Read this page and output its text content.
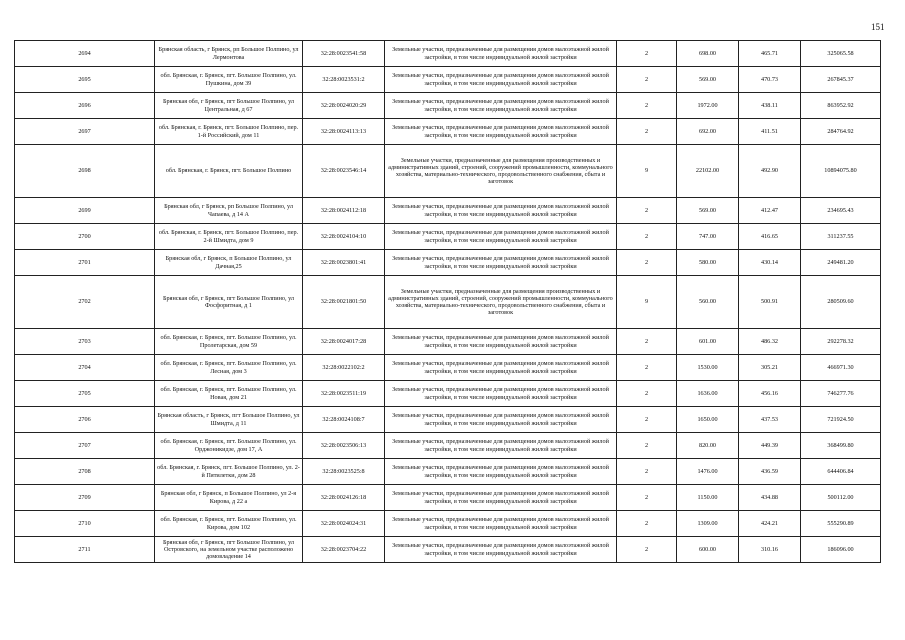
151
2694	Брянская область, г Брянск, рп Большое Полпино, ул Лермонтова	32:28:0023541:58	Земельные участки, предназначенные для размещения домов малоэтажной жилой застройки, в том числе индивидуальной жилой застройки	2	698.00	465.71	325065.58
2695	обл. Брянская, г. Брянск, пгт. Большое Полпино, ул. Пушкина, дом 39	32:28:0023531:2	Земельные участки, предназначенные для размещения домов малоэтажной жилой застройки, в том числе индивидуальной жилой застройки	2	569.00	470.73	267845.37
2696	Брянская обл, г Брянск, пгт Большое Полпино, ул Центральная, д 67	32:28:0024020:29	Земельные участки, предназначенные для размещения домов малоэтажной жилой застройки, в том числе индивидуальной жилой застройки	2	1972.00	438.11	863952.92
2697	обл. Брянская, г. Брянск, пгт. Большое Полпино, пер. 1-й Российский, дом 11	32:28:0024113:13	Земельные участки, предназначенные для размещения домов малоэтажной жилой застройки, в том числе индивидуальной жилой застройки	2	692.00	411.51	284764.92
2698	обл. Брянская, г. Брянск, пгт. Большое Полпино	32:28:0023546:14	Земельные участки, предназначенные для размещения производственных и административных зданий, строений, сооружений промышленности, коммунального хозяйства, материально-технического, продовольственного снабжения, сбыта и заготовок	9	22102.00	492.90	10894075.80
2699	Брянская обл, г Брянск, рп Большое Полпино, ул Чапаева, д 14 А	32:28:0024112:18	Земельные участки, предназначенные для размещения домов малоэтажной жилой застройки, в том числе индивидуальной жилой застройки	2	569.00	412.47	234695.43
2700	обл. Брянская, г. Брянск, пгт. Большое Полпино, пер. 2-й Шмидта, дом 9	32:28:0024104:10	Земельные участки, предназначенные для размещения домов малоэтажной жилой застройки, в том числе индивидуальной жилой застройки	2	747.00	416.65	311237.55
2701	Брянская обл, г Брянск, п Большое Полпино, ул Дачная,25	32:28:0023801:41	Земельные участки, предназначенные для размещения домов малоэтажной жилой застройки, в том числе индивидуальной жилой застройки	2	580.00	430.14	249481.20
2702	Брянская обл, г Брянск, пгт Большое Полпино, ул Фосфоритная, д 1	32:28:0021801:50	Земельные участки, предназначенные для размещения производственных и административных зданий, строений, сооружений промышленности, коммунального хозяйства, материально-технического, продовольственного снабжения, сбыта и заготовок	9	560.00	500.91	280509.60
2703	обл. Брянская, г. Брянск, пгт. Большое Полпино, ул. Пролетарская, дом 59	32:28:0024017:28	Земельные участки, предназначенные для размещения домов малоэтажной жилой застройки, в том числе индивидуальной жилой застройки	2	601.00	486.32	292278.32
2704	обл. Брянская, г. Брянск, пгт. Большое Полпино, ул. Лесная, дом 3	32:28:0022102:2	Земельные участки, предназначенные для размещения домов малоэтажной жилой застройки, в том числе индивидуальной жилой застройки	2	1530.00	305.21	466971.30
2705	обл. Брянская, г. Брянск, пгт. Большое Полпино, ул. Новая, дом 21	32:28:0023511:19	Земельные участки, предназначенные для размещения домов малоэтажной жилой застройки, в том числе индивидуальной жилой застройки	2	1636.00	456.16	746277.76
2706	Брянская область, г Брянск, пгт Большое Полпино, ул Шмидта, д 11	32:28:0024108:7	Земельные участки, предназначенные для размещения домов малоэтажной жилой застройки, в том числе индивидуальной жилой застройки	2	1650.00	437.53	721924.50
2707	обл. Брянская, г. Брянск, пгт. Большое Полпино, ул. Орджоникидзе, дом 17, А	32:28:0023506:13	Земельные участки, предназначенные для размещения домов малоэтажной жилой застройки, в том числе индивидуальной жилой застройки	2	820.00	449.39	368499.80
2708	обл. Брянская, г. Брянск, пгт. Большое Полпино, ул. 2-й Пятилетки, дом 28	32:28:0023525:8	Земельные участки, предназначенные для размещения домов малоэтажной жилой застройки, в том числе индивидуальной жилой застройки	2	1476.00	436.59	644406.84
2709	Брянская обл, г Брянск, п Большое Полпино, ул 2-я Кирова, д 22 а	32:28:0024126:18	Земельные участки, предназначенные для размещения домов малоэтажной жилой застройки, в том числе индивидуальной жилой застройки	2	1150.00	434.88	500112.00
2710	обл. Брянская, г. Брянск, пгт. Большое Полпино, ул. Кирова, дом 102	32:28:0024024:31	Земельные участки, предназначенные для размещения домов малоэтажной жилой застройки, в том числе индивидуальной жилой застройки	2	1309.00	424.21	555290.89
2711	Брянская обл, г Брянск, пгт Большое Полпино, ул Островского, на земельном участке расположено домовладение 14	32:28:0023704:22	Земельные участки, предназначенные для размещения домов малоэтажной жилой застройки, в том числе индивидуальной жилой застройки	2	600.00	310.16	186096.00
